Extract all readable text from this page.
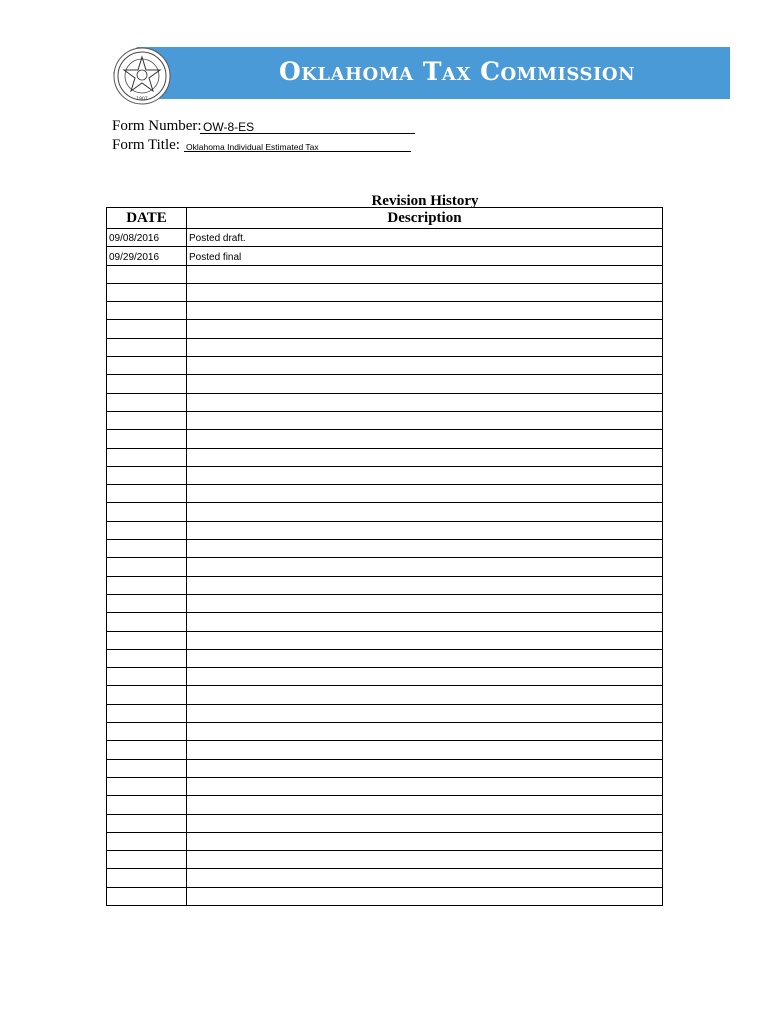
1907
Oklahoma Tax Commission
Form Number: OW-8-ES
Form Title: Oklahoma Individual Estimated Tax
Revision History
DATE	Description
09/08/2016	Posted draft.
09/29/2016	Posted final
